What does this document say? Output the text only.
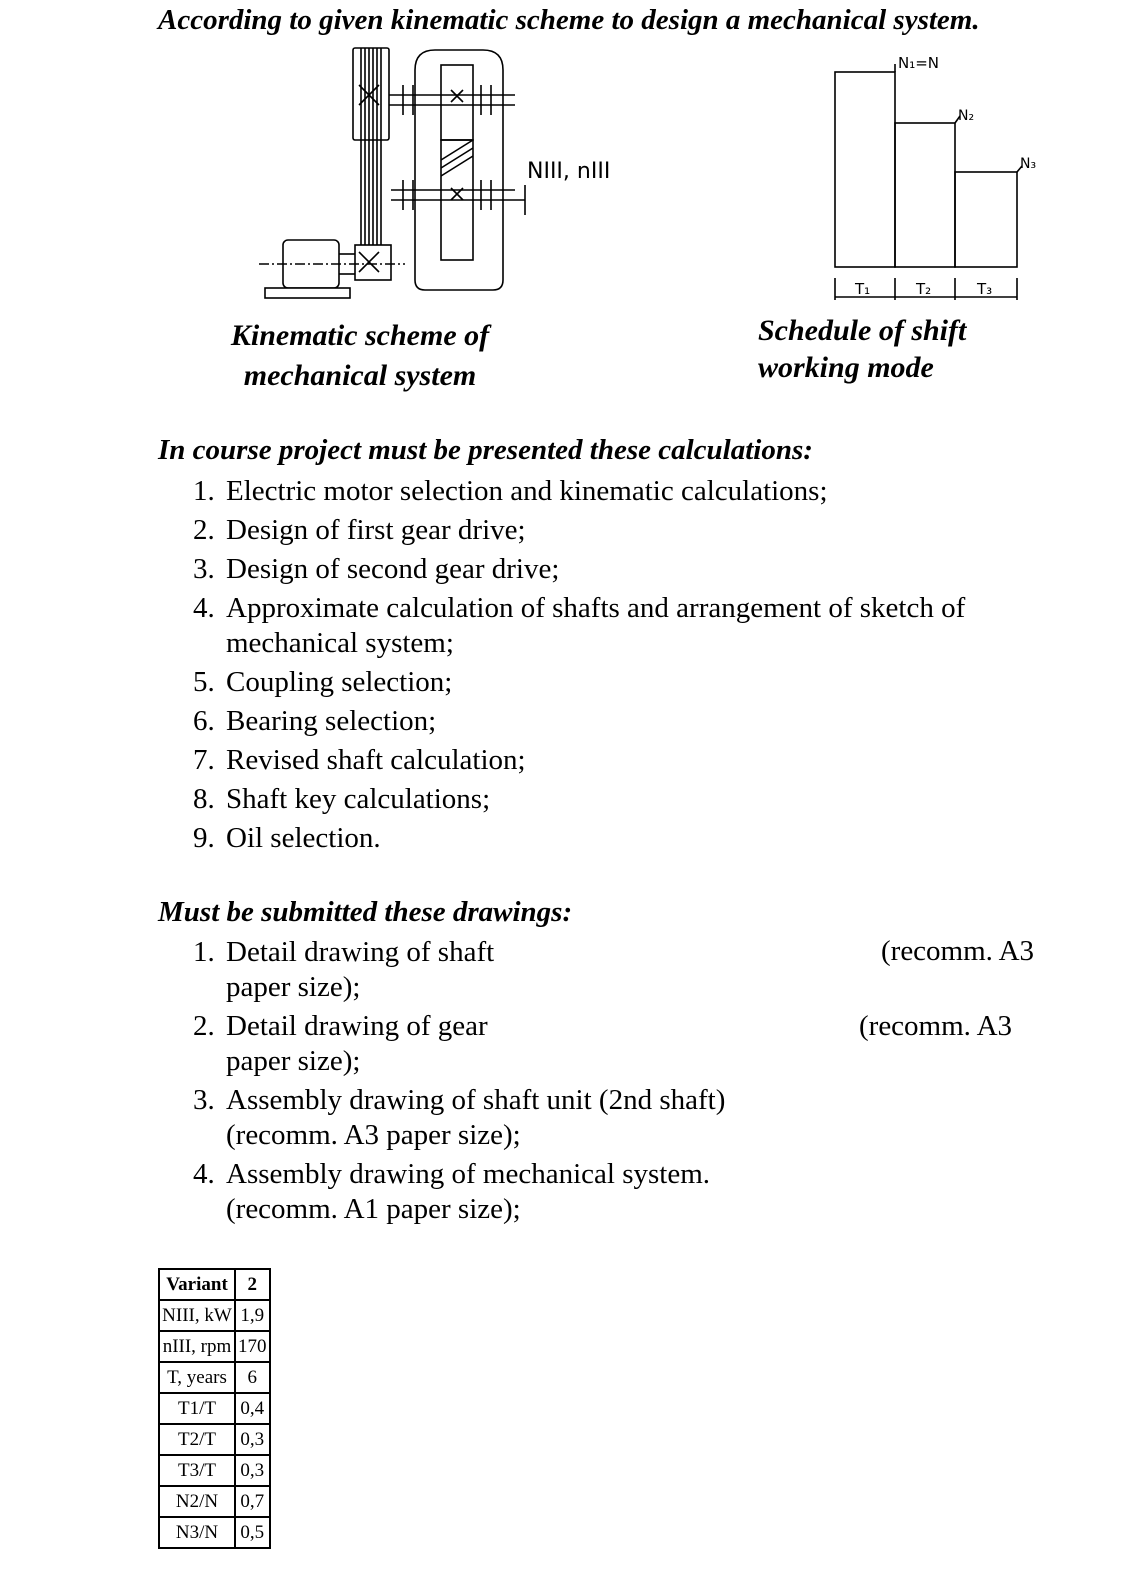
According to given kinematic scheme to design a mechanical system.
NIII, nIII
N₁=N
N₂
N₃
T₁	T₂	T₃
Kinematic scheme of
mechanical system
Schedule of shift
working mode
In course project must be presented these calculations:
1. Electric motor selection and kinematic calculations;
2. Design of first gear drive;
3. Design of second gear drive;
4. Approximate calculation of shafts and arrangement of sketch of mechanical system;
5. Coupling selection;
6. Bearing selection;
7. Revised shaft calculation;
8. Shaft key calculations;
9. Oil selection.
Must be submitted these drawings:
1. Detail drawing of shaft
paper size);
2. Detail drawing of gear
paper size);
3. Assembly drawing of shaft unit (2nd shaft)
(recomm. A3 paper size);
4. Assembly drawing of mechanical system.
(recomm. A1 paper size);
(recomm. A3
(recomm. A3
Variant	2
NIII, kW	1,9
nIII, rpm	170
T, years	6
T1/T	0,4
T2/T	0,3
T3/T	0,3
N2/N	0,7
N3/N	0,5
